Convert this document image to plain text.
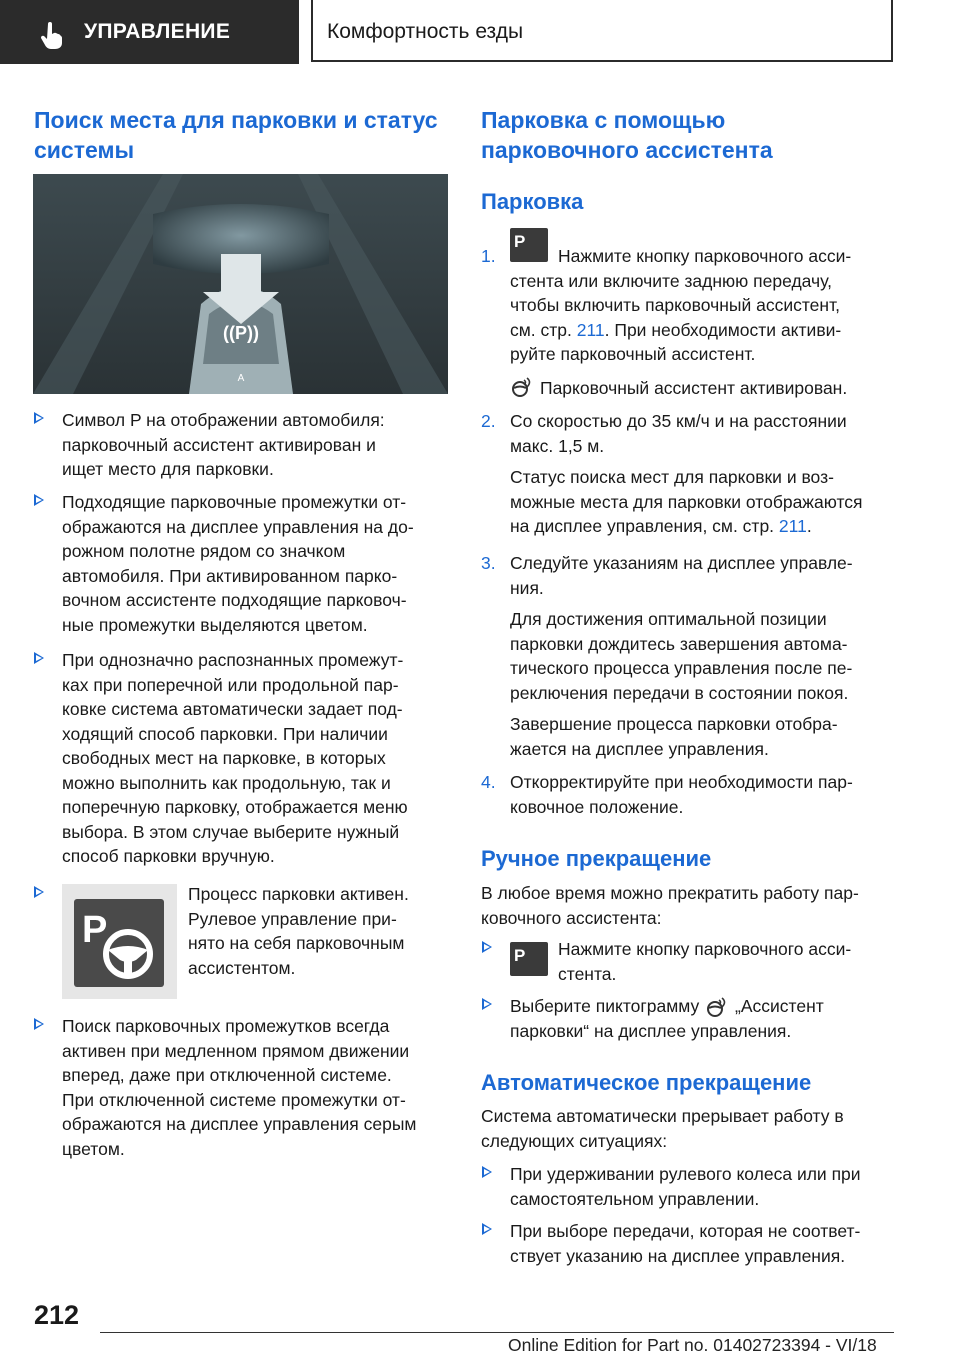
УПРАВЛЕНИЕ	Комфортность езды
Поиск места для парковки и статус
системы
((P))
A
Символ P на отображении автомобиля:
парковочный ассистент активирован и
ищет место для парковки.
Подходящие парковочные промежутки от-
ображаются на дисплее управления на до-
рожном полотне рядом со значком
автомобиля. При активированном парко-
вочном ассистенте подходящие парковоч-
ные промежутки выделяются цветом.
При однозначно распознанных промежут-
ках при поперечной или продольной пар-
ковке система автоматически задает под-
ходящий способ парковки. При наличии
свободных мест на парковке, в которых
можно выполнить как продольную, так и
поперечную парковку, отображается меню
выбора. В этом случае выберите нужный
способ парковки вручную.
P
Процесс парковки активен.
Рулевое управление при-
нято на себя парковочным
ассистентом.
Поиск парковочных промежутков всегда
активен при медленном прямом движении
вперед, даже при отключенной системе.
При отключенной системе промежутки от-
ображаются на дисплее управления серым
цветом.
Парковка с помощью
парковочного ассистента
Парковка
1.
P
Нажмите кнопку парковочного асси-
стента или включите заднюю передачу,
чтобы включить парковочный ассистент,
см. стр. 211. При необходимости активи-
руйте парковочный ассистент.
Парковочный ассистент активирован.
2. Со скоростью до 35 км/ч и на расстоянии
макс. 1,5 м.
Статус поиска мест для парковки и воз-
можные места для парковки отображаются
на дисплее управления, см. стр. 211.
3. Следуйте указаниям на дисплее управле-
ния.
Для достижения оптимальной позиции
парковки дождитесь завершения автома-
тического процесса управления после пе-
реключения передачи в состоянии покоя.
Завершение процесса парковки отобра-
жается на дисплее управления.
4. Откорректируйте при необходимости пар-
ковочное положение.
Ручное прекращение
В любое время можно прекратить работу пар-
ковочного ассистента:
P	Нажмите кнопку парковочного асси-
стента.
Выберите пиктограмму „Ассистент
парковки“ на дисплее управления.
Автоматическое прекращение
Система автоматически прерывает работу в
следующих ситуациях:
При удерживании рулевого колеса или при
самостоятельном управлении.
При выборе передачи, которая не соответ-
ствует указанию на дисплее управления.
212
Online Edition for Part no. 01402723394 - VI/18
